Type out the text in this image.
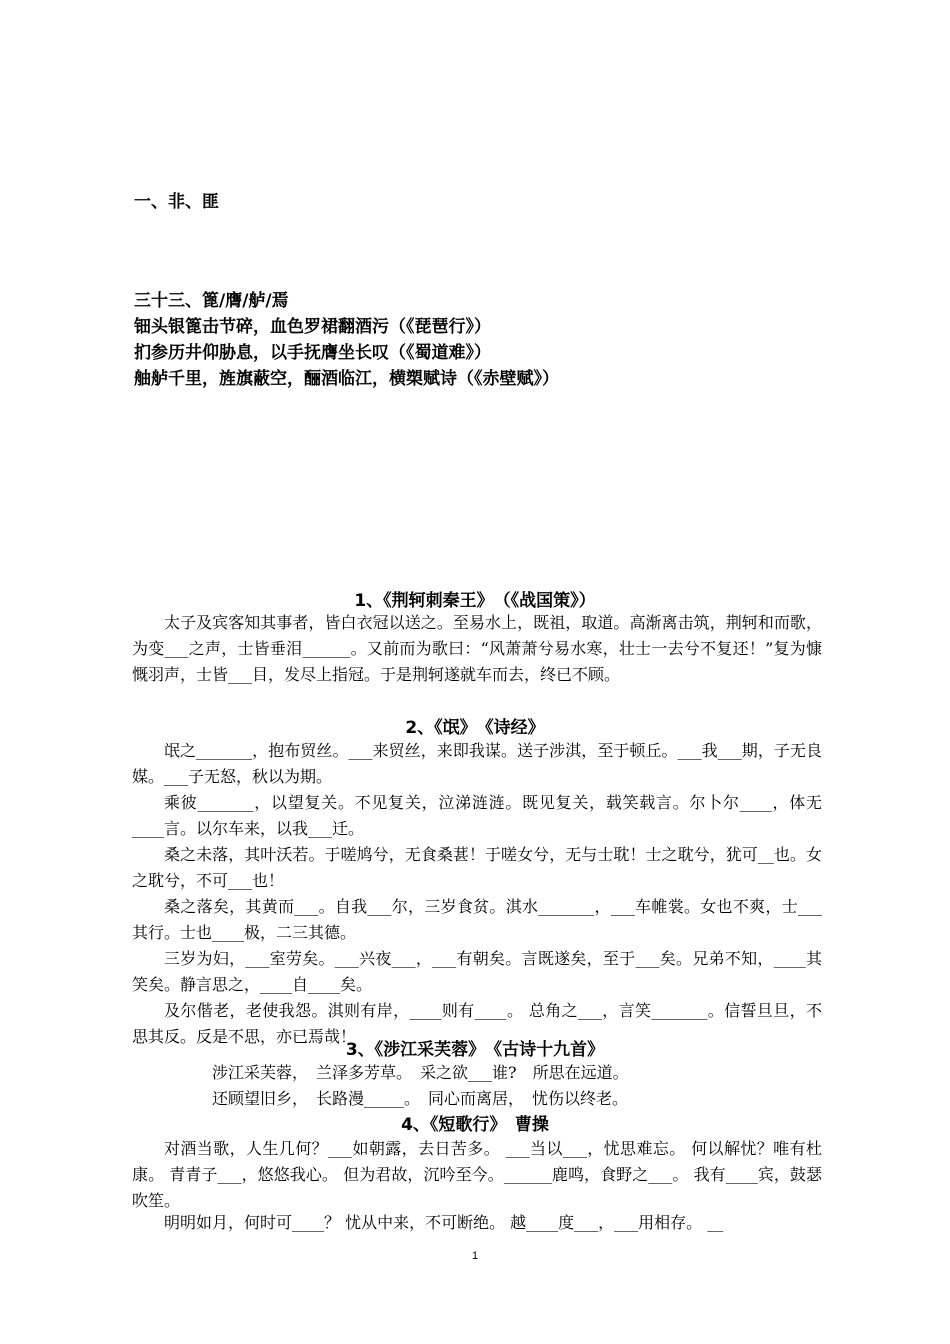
一、非、匪
三十三、篦/膺/舻/焉
钿头银篦击节碎，血色罗裙翻酒污（《琵琶行》）
扪参历井仰胁息，以手抚膺坐长叹（《蜀道难》）
舳舻千里，旌旗蔽空，酾酒临江，横槊赋诗（《赤壁赋》）
1、《荆轲刺秦王》　（《战国策》）
太子及宾客知其事者，皆白衣冠以送之。至易水上，既祖，取道。高渐离击筑，荆轲和而歌，为变___之声，士皆垂泪______。又前而为歌曰：“风萧萧兮易水寒，壮士一去兮不复还！”复为慷慨羽声，士皆___目，发尽上指冠。于是荆轲遂就车而去，终已不顾。
2、《氓》　《诗经》
氓之_______，抱布贸丝。___来贸丝，来即我谋。送子涉淇，至于顿丘。___我___期，子无良媒。___子无怒，秋以为期。
乘彼_______，以望复关。不见复关，泣涕涟涟。既见复关，载笑载言。尔卜尔____，体无____言。以尔车来，以我___迁。
桑之未落，其叶沃若。于嗟鸠兮，无食桑葚！于嗟女兮，无与士耽！士之耽兮，犹可__也。女之耽兮，不可___也！
桑之落矣，其黄而___。自我___尔，三岁食贫。淇水_______，___车帷裳。女也不爽，士___其行。士也____极，二三其德。
三岁为妇，___室劳矣。___兴夜___，___有朝矣。言既遂矣，至于___矣。兄弟不知，____其笑矣。静言思之，____自____矣。
及尔偕老，老使我怨。淇则有岸，____则有____。 总角之___，言笑_______。信誓旦旦，不思其反。反是不思，亦已焉哉！
3、《涉江采芙蓉》　《古诗十九首》
涉江采芙蓉，　兰泽多芳草。　采之欲___谁?　所思在远道。
还顾望旧乡，　长路漫_____。　同心而离居，　忧伤以终老。
4、《短歌行》　曹操
对酒当歌，人生几何？___如朝露，去日苦多。 ___当以___，忧思难忘。 何以解忧？唯有杜康。 青青子___，悠悠我心。 但为君故，沉吟至今。______鹿鸣，食野之___。 我有____宾，鼓瑟吹笙。
明明如月，何时可____？ 忧从中来，不可断绝。 越____度___，___用相存。 __
1
